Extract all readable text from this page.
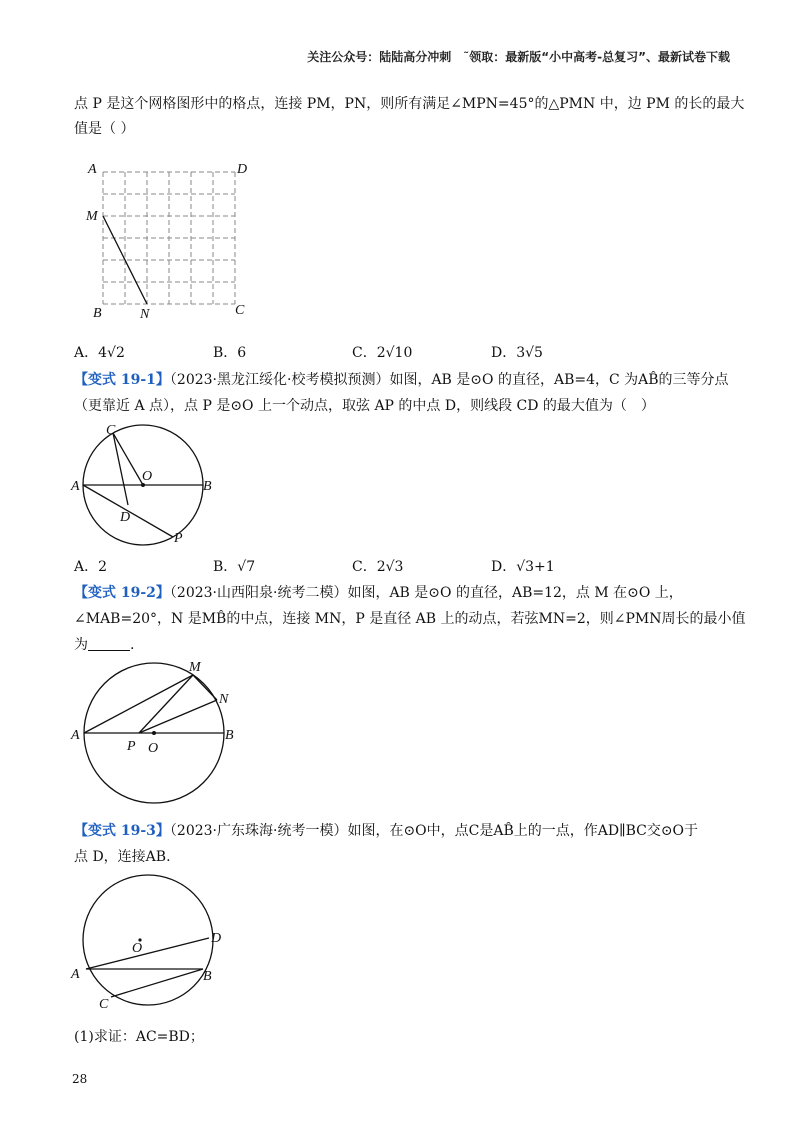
关注公众号：陆陆高分冲刺　˜领取：最新版“小中高考-总复习”、最新试卷下载
点 P 是这个网格图形中的格点，连接 PM，PN，则所有满足∠MPN=45°的△PMN 中，边 PM 的长的最大
值是（ ）
A	D
M
B	N	C
A．4√2	B．6	C．2√10	D．3√5
【变式 19-1】（2023·黑龙江绥化·校考模拟预测）如图，AB 是⊙O 的直径，AB=4，C 为AB̂的三等分点
（更靠近 A 点），点 P 是⊙O 上一个动点，取弦 AP 的中点 D，则线段 CD 的最大值为（　）
C
O
A	B
D
P
A．2	B．√7	C．2√3	D．√3+1
【变式 19-2】（2023·山西阳泉·统考二模）如图，AB 是⊙O 的直径，AB=12，点 M 在⊙O 上，
∠MAB=20°，N 是MB̂的中点，连接 MN，P 是直径 AB 上的动点，若弦MN=2，则∠PMN周长的最小值
为	.
M
N
A	B
P O
【变式 19-3】（2023·广东珠海·统考一模）如图，在⊙O中，点C是AB̂上的一点，作AD∥BC交⊙O于
点 D，连接AB.
O
D
A	B
C
(1)求证：AC=BD；
28
